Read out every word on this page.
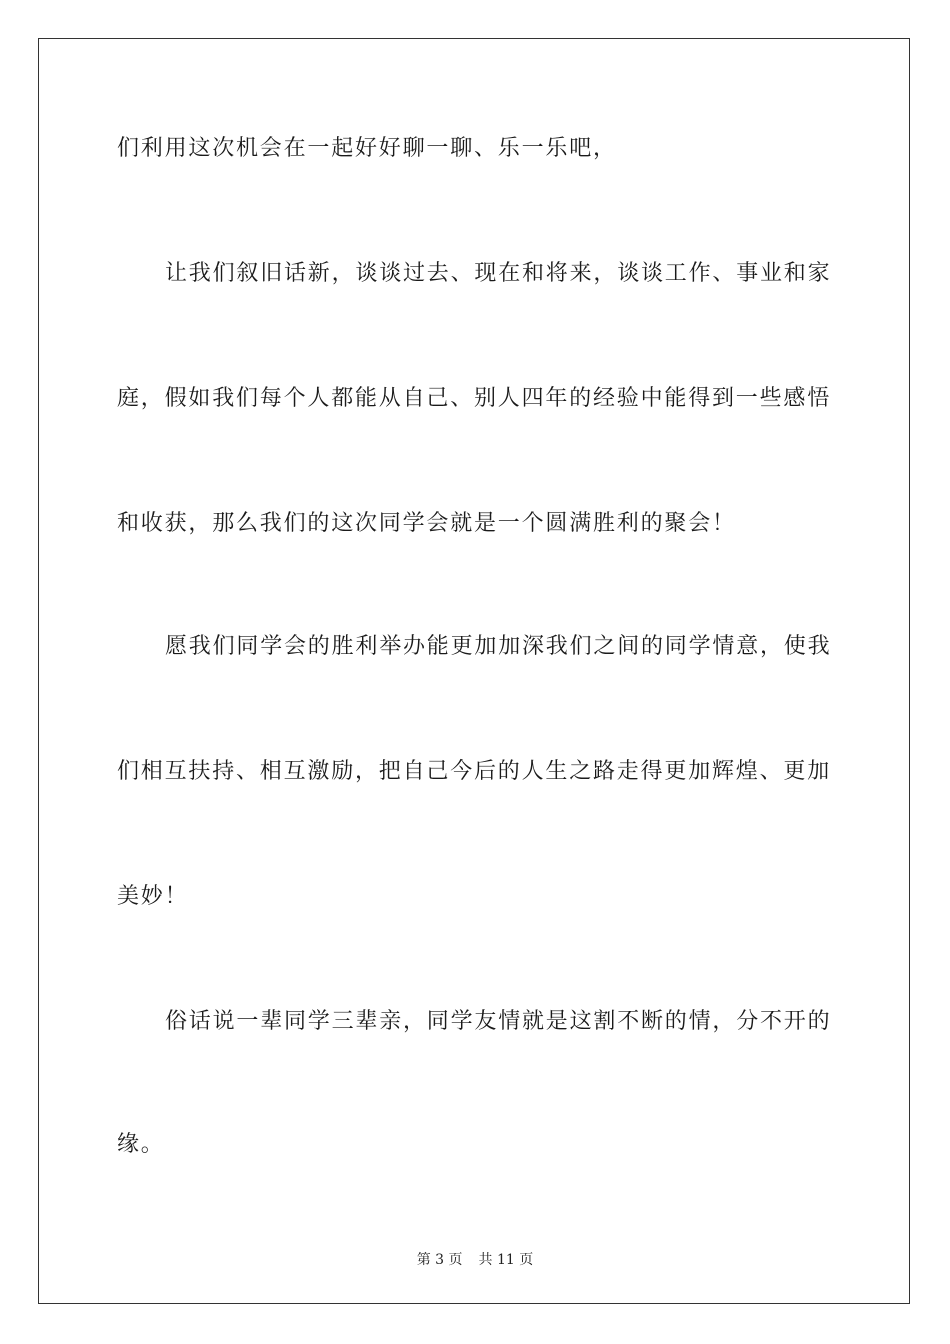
们利用这次机会在一起好好聊一聊、乐一乐吧，
让我们叙旧话新，谈谈过去、现在和将来，谈谈工作、事业和家
庭，假如我们每个人都能从自己、别人四年的经验中能得到一些感悟
和收获，那么我们的这次同学会就是一个圆满胜利的聚会！
愿我们同学会的胜利举办能更加加深我们之间的同学情意，使我
们相互扶持、相互激励，把自己今后的人生之路走得更加辉煌、更加
美妙！
俗话说一辈同学三辈亲，同学友情就是这割不断的情，分不开的
缘。
第 3 页 共 11 页
